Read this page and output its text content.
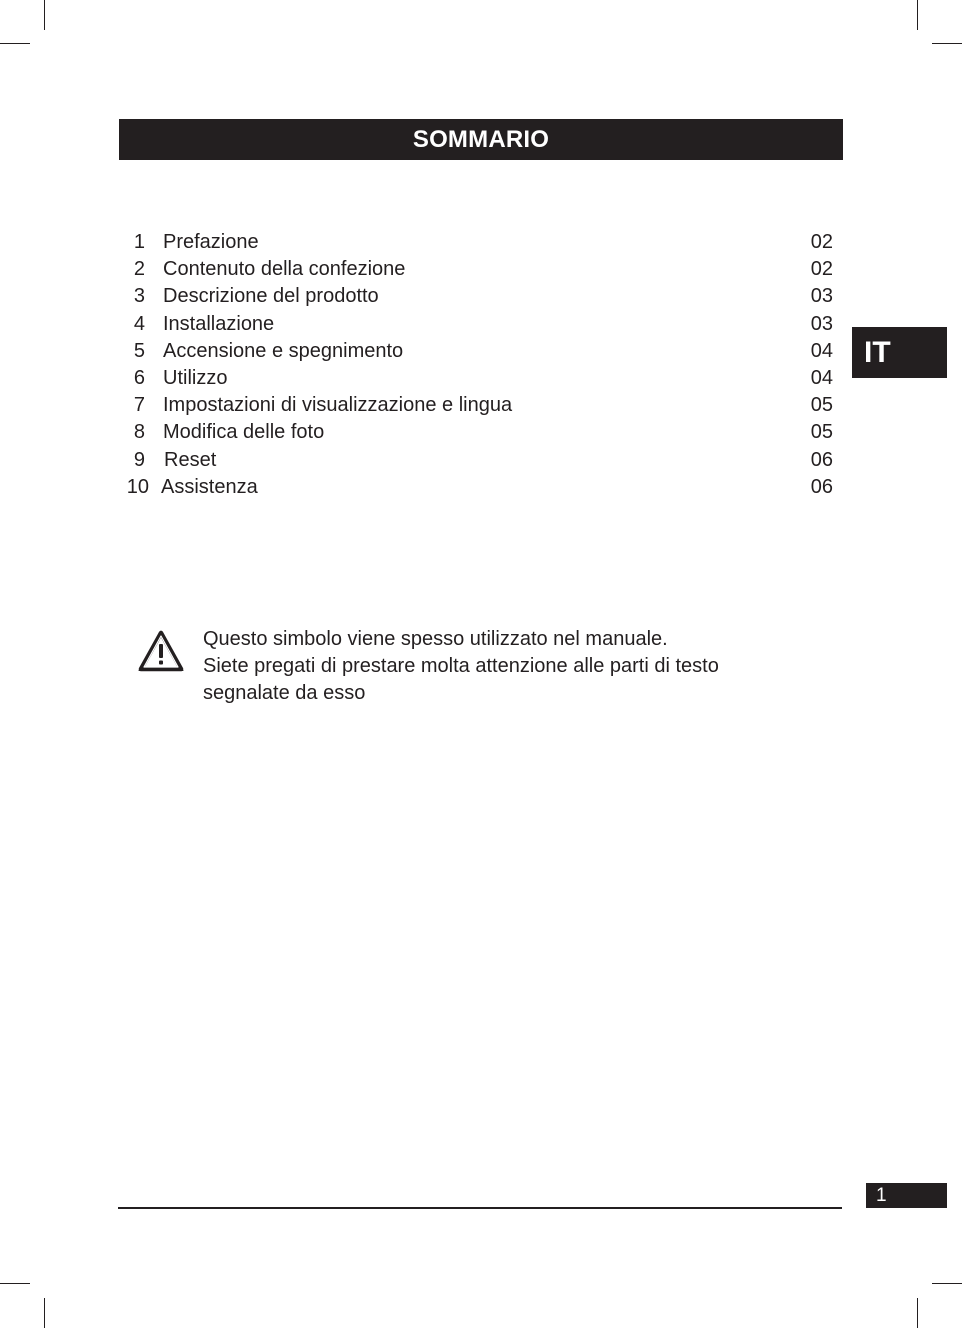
SOMMARIO
IT
1 Prefazione	02
2 Contenuto della confezione	02
3 Descrizione del prodotto	03
4 Installazione	03
5 Accensione e spegnimento	04
6 Utilizzo	04
7 Impostazioni di visualizzazione e lingua	05
8 Modifica delle foto	05
9 Reset	06
10 Assistenza	06
Questo simbolo viene spesso utilizzato nel manuale.
Siete pregati di prestare molta attenzione alle parti di testo
segnalate da esso
1
